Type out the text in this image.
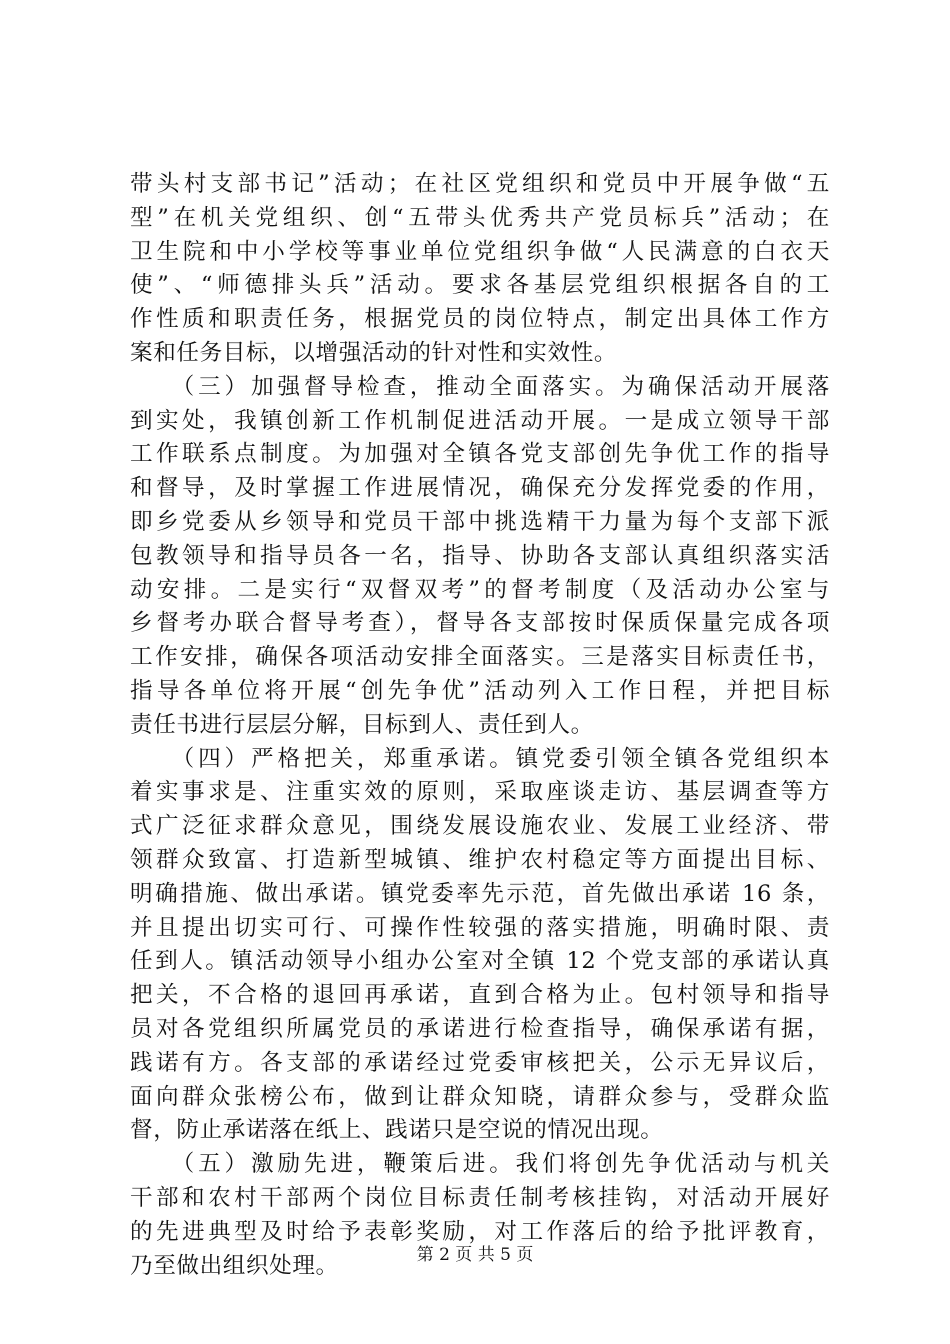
带头村支部书记”活动；在社区党组织和党员中开展争做“五
型”在机关党组织、创“五带头优秀共产党员标兵”活动；在
卫生院和中小学校等事业单位党组织争做“人民满意的白衣天
使”、“师德排头兵”活动。要求各基层党组织根据各自的工
作性质和职责任务，根据党员的岗位特点，制定出具体工作方
案和任务目标，以增强活动的针对性和实效性。
　　（三）加强督导检查，推动全面落实。为确保活动开展落
到实处，我镇创新工作机制促进活动开展。一是成立领导干部
工作联系点制度。为加强对全镇各党支部创先争优工作的指导
和督导，及时掌握工作进展情况，确保充分发挥党委的作用，
即乡党委从乡领导和党员干部中挑选精干力量为每个支部下派
包教领导和指导员各一名，指导、协助各支部认真组织落实活
动安排。二是实行“双督双考”的督考制度（及活动办公室与
乡督考办联合督导考查），督导各支部按时保质保量完成各项
工作安排，确保各项活动安排全面落实。三是落实目标责任书，
指导各单位将开展“创先争优”活动列入工作日程，并把目标
责任书进行层层分解，目标到人、责任到人。
　　（四）严格把关，郑重承诺。镇党委引领全镇各党组织本
着实事求是、注重实效的原则，采取座谈走访、基层调查等方
式广泛征求群众意见，围绕发展设施农业、发展工业经济、带
领群众致富、打造新型城镇、维护农村稳定等方面提出目标、
明确措施、做出承诺。镇党委率先示范，首先做出承诺 16 条，
并且提出切实可行、可操作性较强的落实措施，明确时限、责
任到人。镇活动领导小组办公室对全镇 12 个党支部的承诺认真
把关，不合格的退回再承诺，直到合格为止。包村领导和指导
员对各党组织所属党员的承诺进行检查指导，确保承诺有据，
践诺有方。各支部的承诺经过党委审核把关，公示无异议后，
面向群众张榜公布，做到让群众知晓，请群众参与，受群众监
督，防止承诺落在纸上、践诺只是空说的情况出现。
　　（五）激励先进，鞭策后进。我们将创先争优活动与机关
干部和农村干部两个岗位目标责任制考核挂钩，对活动开展好
的先进典型及时给予表彰奖励，对工作落后的给予批评教育，
乃至做出组织处理。	第 2 页 共 5 页
